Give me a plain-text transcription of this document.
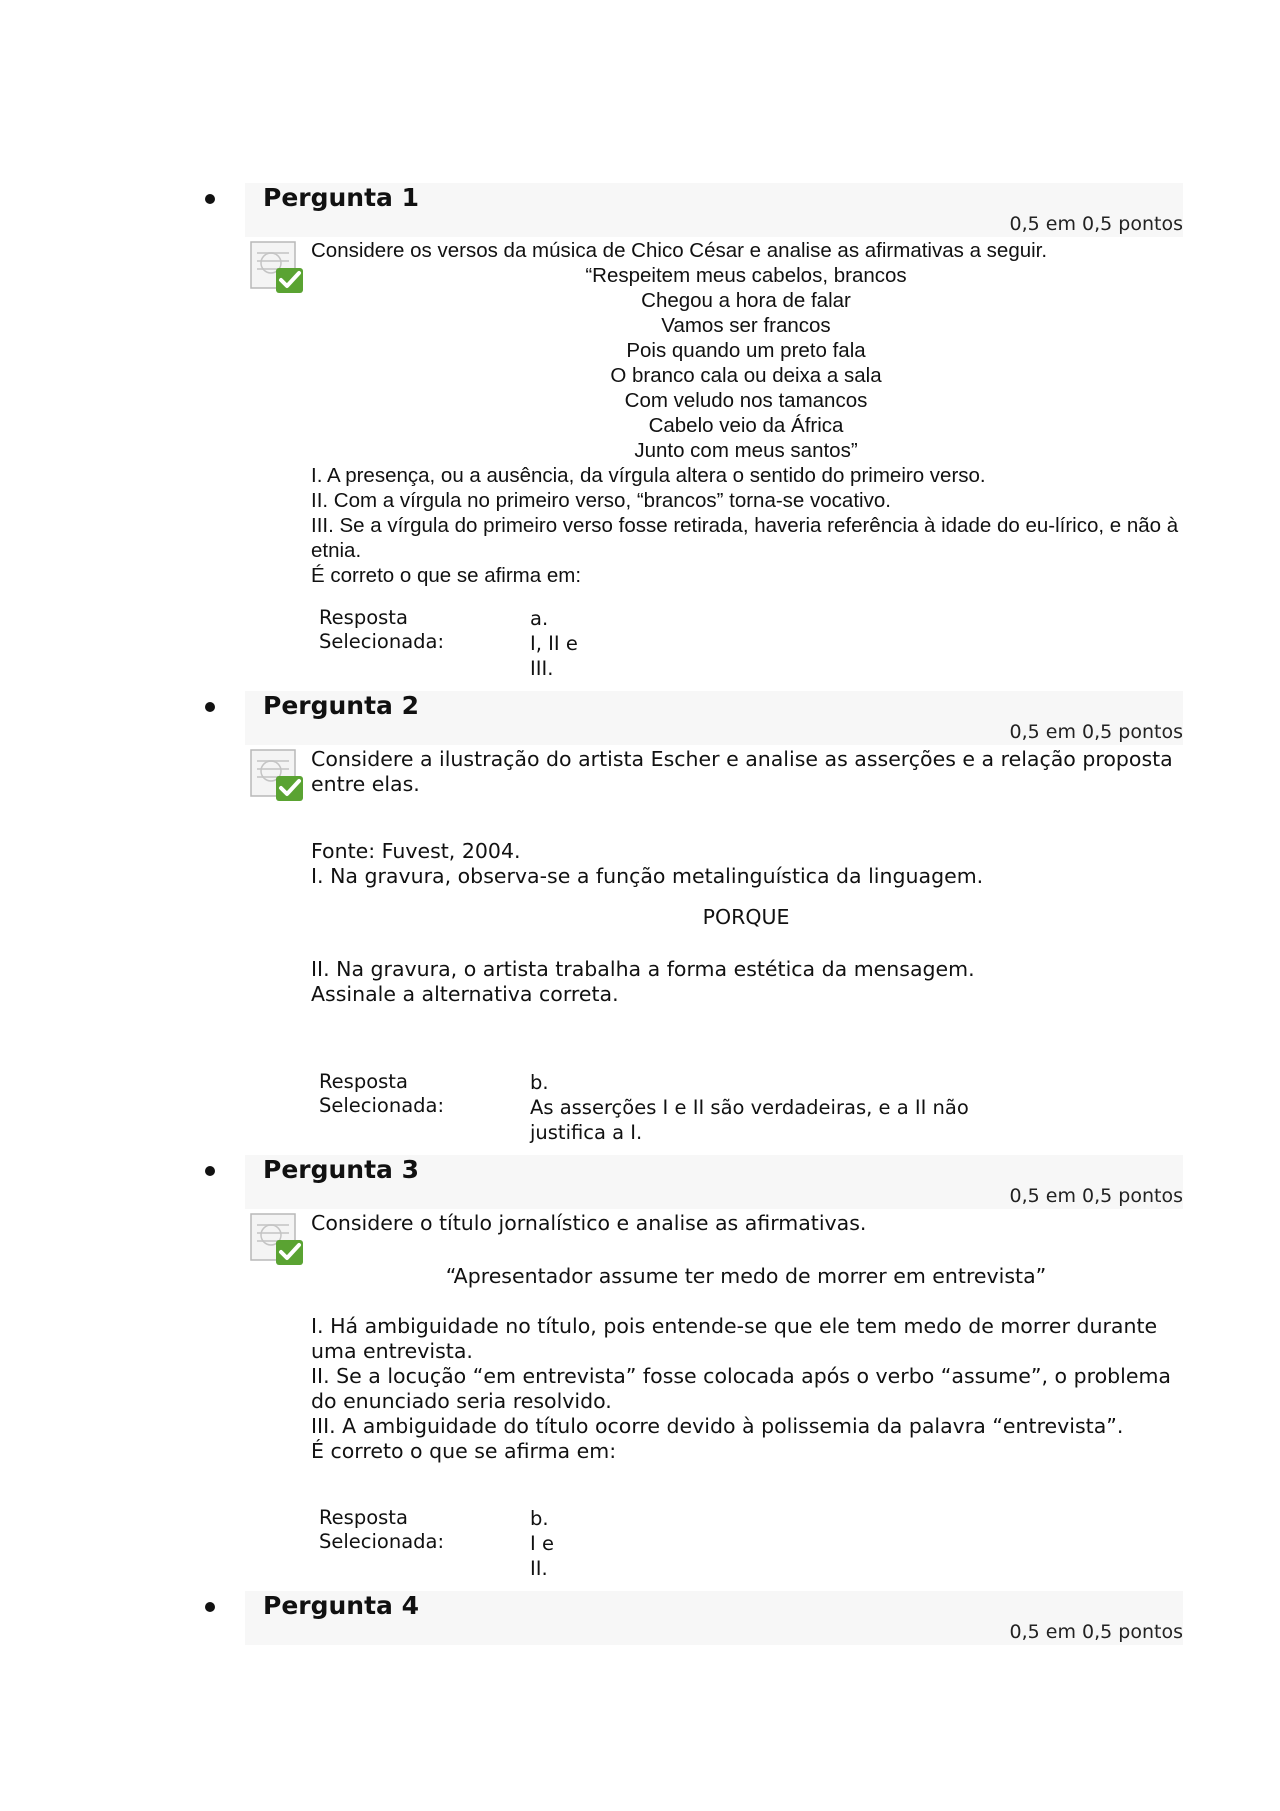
Pergunta 1
0,5 em 0,5 pontos

Considere os versos da música de Chico César e analise as afirmativas a seguir.

“Respeitem meus cabelos, brancos

Chegou a hora de falar

Vamos ser francos

Pois quando um preto fala

O branco cala ou deixa a sala

Com veludo nos tamancos

Cabelo veio da África

Junto com meus santos”

I. A presença, ou a ausência, da vírgula altera o sentido do primeiro verso.

II. Com a vírgula no primeiro verso, “brancos” torna-se vocativo.

III. Se a vírgula do primeiro verso fosse retirada, haveria referência à idade do eu-lírico, e não à etnia.

É correto o que se afirma em:

Resposta Selecionada:
a.
I, II e
III.
Pergunta 2
0,5 em 0,5 pontos

Considere a ilustração do artista Escher e analise as asserções e a relação proposta entre elas.

Fonte: Fuvest, 2004.

I. Na gravura, observa-se a função metalinguística da linguagem.

PORQUE

II. Na gravura, o artista trabalha a forma estética da mensagem.

Assinale a alternativa correta.

Resposta Selecionada:
b.
As asserções I e II são verdadeiras, e a II não
justifica a I.
Pergunta 3
0,5 em 0,5 pontos

Considere o título jornalístico e analise as afirmativas.

“Apresentador assume ter medo de morrer em entrevista”

I. Há ambiguidade no título, pois entende-se que ele tem medo de morrer durante uma entrevista.

II. Se a locução “em entrevista” fosse colocada após o verbo “assume”, o problema do enunciado seria resolvido.

III. A ambiguidade do título ocorre devido à polissemia da palavra “entrevista”.

É correto o que se afirma em:

Resposta Selecionada:
b.
I e
II.
Pergunta 4
0,5 em 0,5 pontos
